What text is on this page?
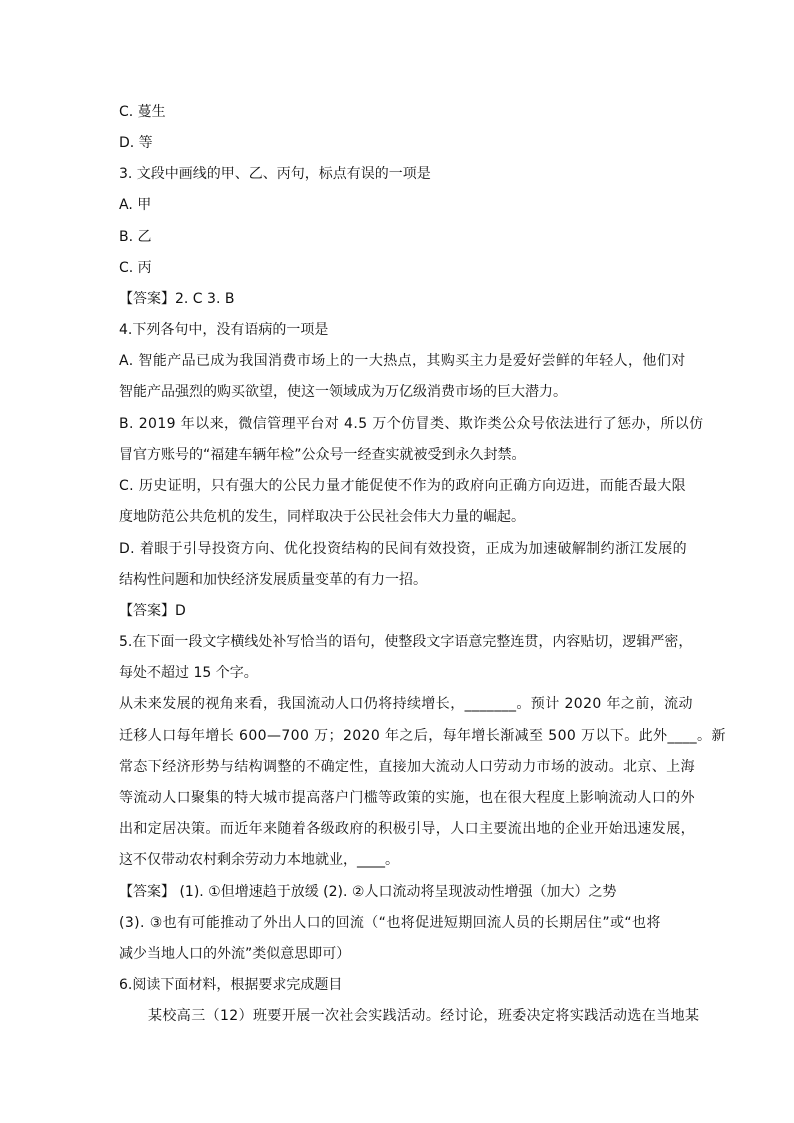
C. 蔓生
D. 等
3. 文段中画线的甲、乙、丙句，标点有误的一项是
A. 甲
B. 乙
C. 丙
【答案】2. C 3. B
4.下列各句中，没有语病的一项是
A. 智能产品已成为我国消费市场上的一大热点，其购买主力是爱好尝鲜的年轻人，他们对
智能产品强烈的购买欲望，使这一领域成为万亿级消费市场的巨大潜力。
B. 2019 年以来，微信管理平台对 4.5 万个仿冒类、欺诈类公众号依法进行了惩办，所以仿
冒官方账号的“福建车辆年检”公众号一经查实就被受到永久封禁。
C. 历史证明，只有强大的公民力量才能促使不作为的政府向正确方向迈进，而能否最大限
度地防范公共危机的发生，同样取决于公民社会伟大力量的崛起。
D. 着眼于引导投资方向、优化投资结构的民间有效投资，正成为加速破解制约浙江发展的
结构性问题和加快经济发展质量变革的有力一招。
【答案】D
5.在下面一段文字横线处补写恰当的语句，使整段文字语意完整连贯，内容贴切，逻辑严密，
每处不超过 15 个字。
从未来发展的视角来看，我国流动人口仍将持续增长，_______。预计 2020 年之前，流动
迁移人口每年增长 600—700 万；2020 年之后，每年增长渐减至 500 万以下。此外____。新
常态下经济形势与结构调整的不确定性，直接加大流动人口劳动力市场的波动。北京、上海
等流动人口聚集的特大城市提高落户门槛等政策的实施，也在很大程度上影响流动人口的外
出和定居决策。而近年来随着各级政府的积极引导，人口主要流出地的企业开始迅速发展，
这不仅带动农村剩余劳动力本地就业，____。
【答案】 (1). ①但增速趋于放缓 (2). ②人口流动将呈现波动性增强（加大）之势
(3). ③也有可能推动了外出人口的回流（“也将促进短期回流人员的长期居住”或“也将
减少当地人口的外流”类似意思即可）
6.阅读下面材料，根据要求完成题目
某校高三（12）班要开展一次社会实践活动。经讨论，班委决定将实践活动选在当地某
